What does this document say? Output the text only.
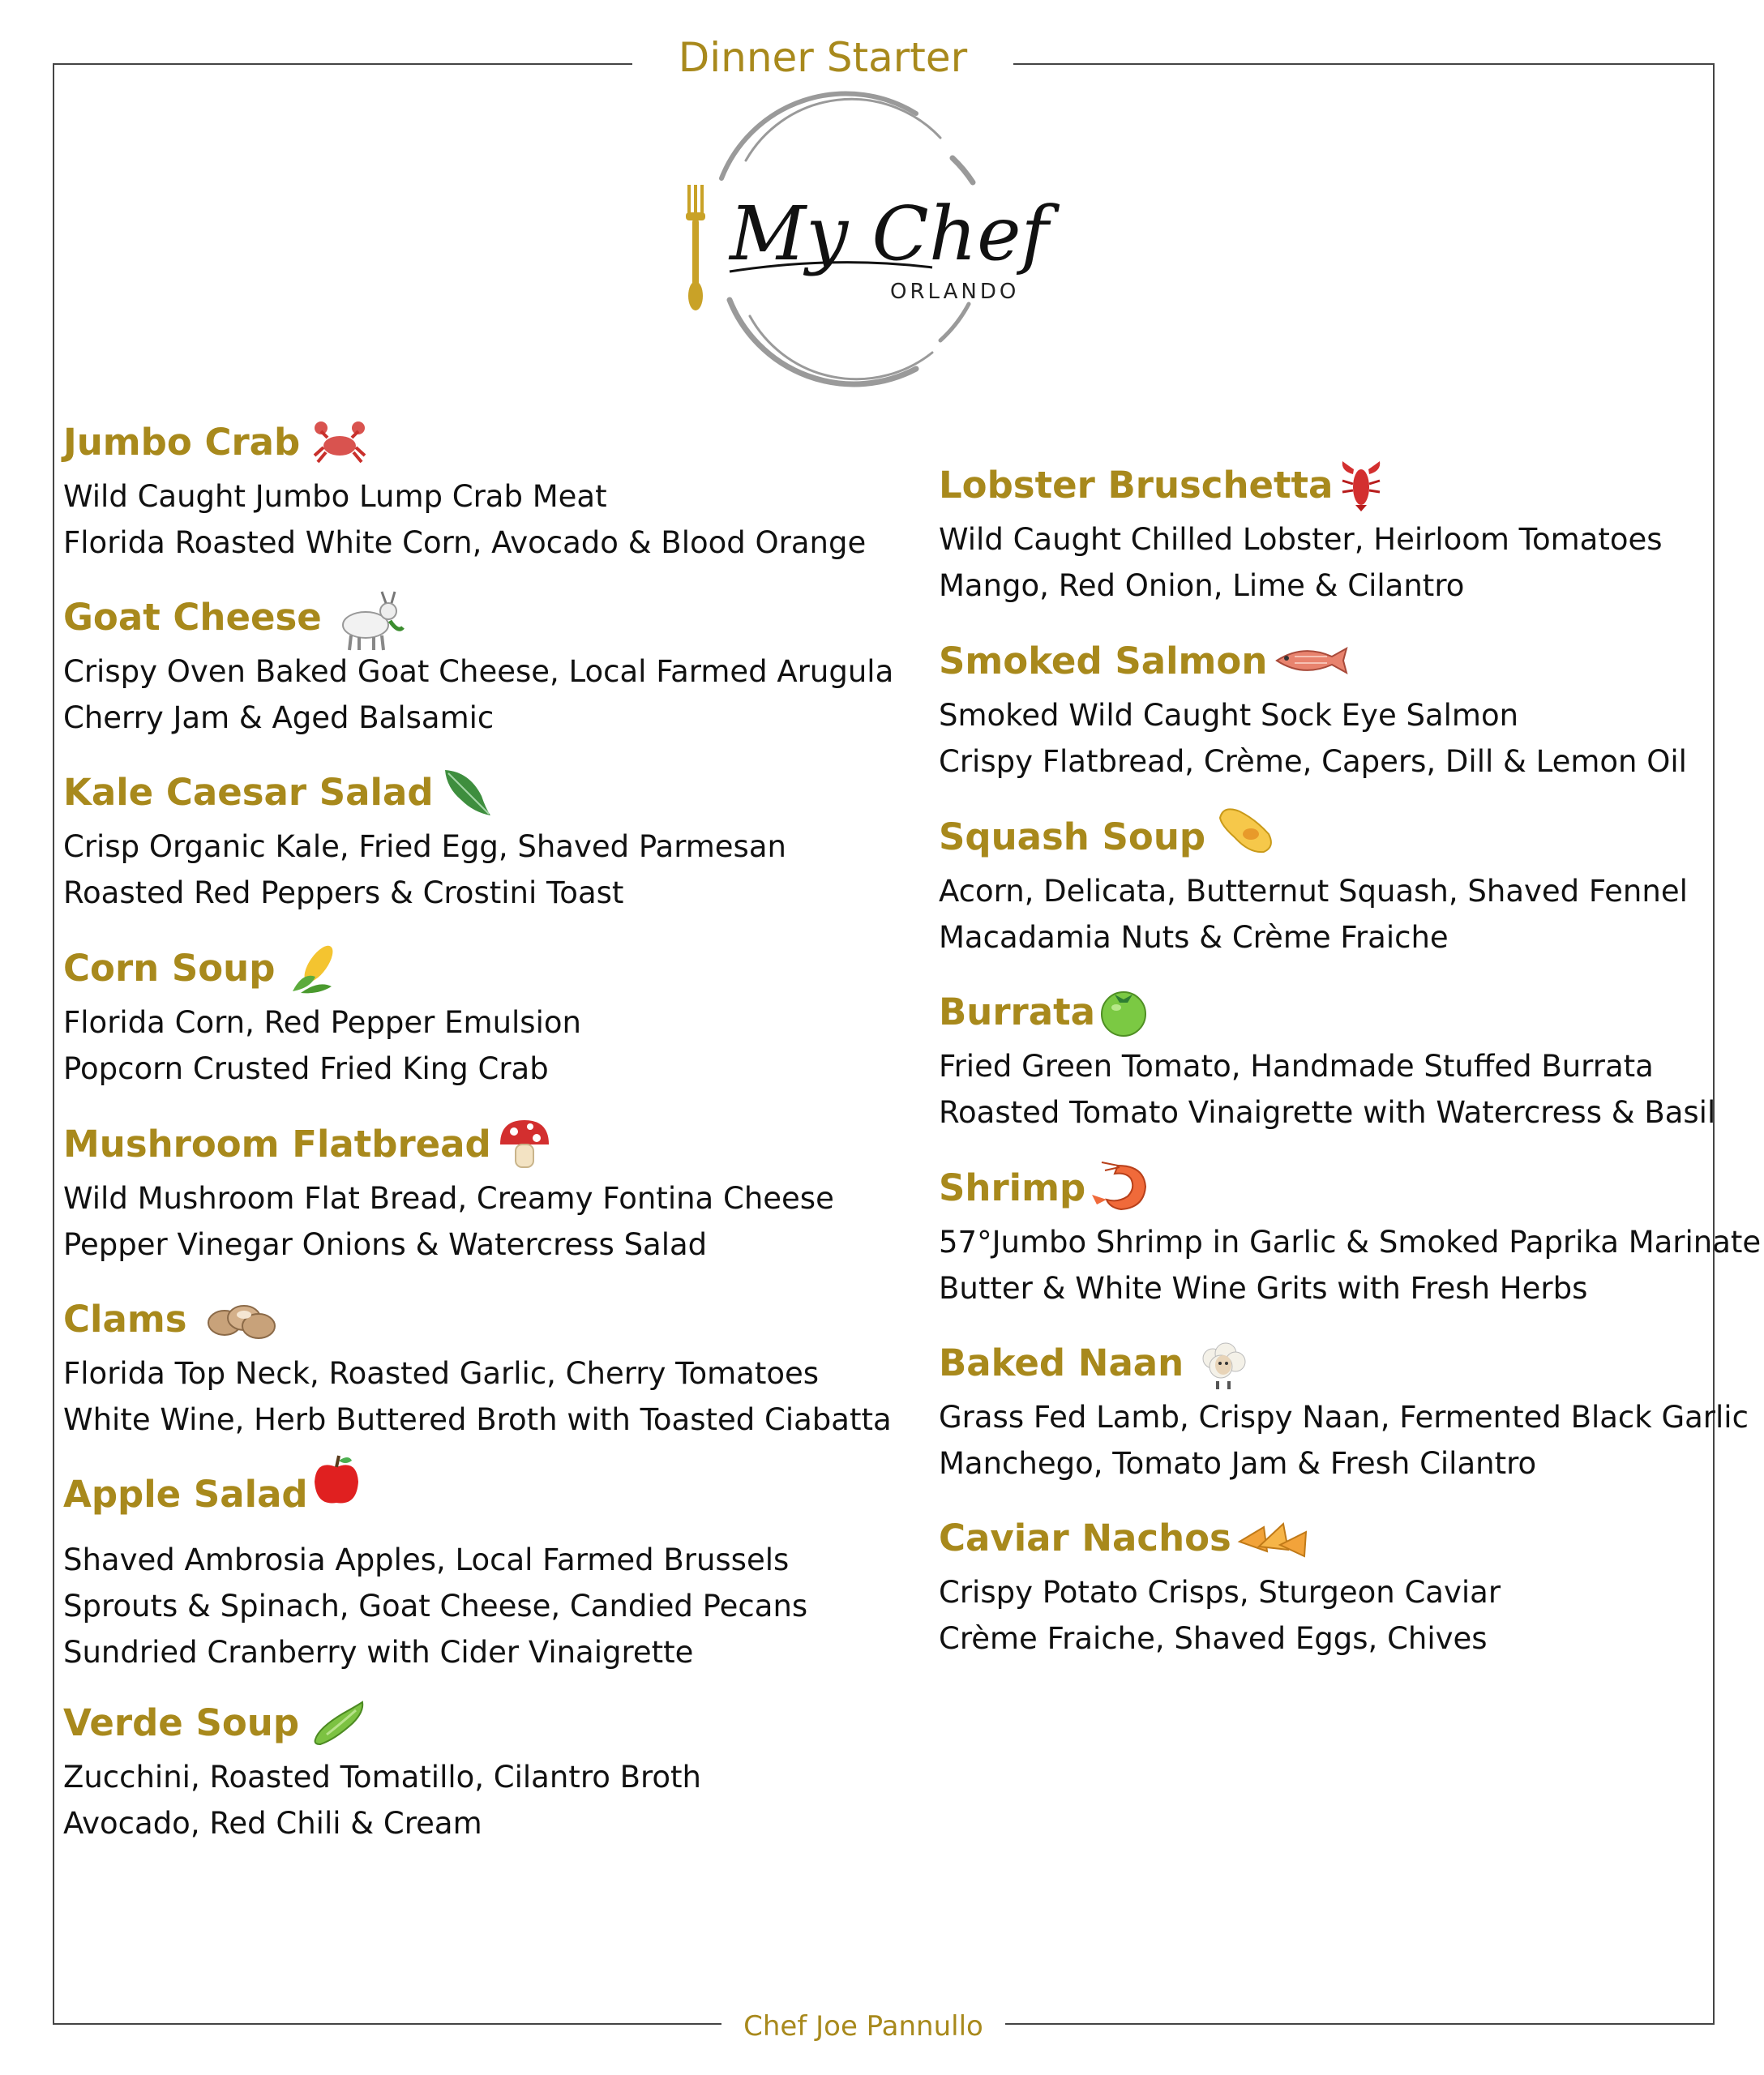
Dinner Starter
My Chef
ORLANDO
Jumbo Crab
Wild Caught Jumbo Lump Crab Meat
Florida Roasted White Corn, Avocado & Blood Orange
Goat Cheese
Crispy Oven Baked Goat Cheese, Local Farmed Arugula
Cherry Jam & Aged Balsamic
Kale Caesar Salad
Crisp Organic Kale, Fried Egg, Shaved Parmesan
Roasted Red Peppers & Crostini Toast
Corn Soup
Florida Corn, Red Pepper Emulsion
Popcorn Crusted Fried King Crab
Mushroom Flatbread
Wild Mushroom Flat Bread, Creamy Fontina Cheese
Pepper Vinegar Onions & Watercress Salad
Clams
Florida Top Neck, Roasted Garlic, Cherry Tomatoes
White Wine, Herb Buttered Broth with Toasted Ciabatta
Apple Salad
Shaved Ambrosia Apples, Local Farmed Brussels
Sprouts & Spinach, Goat Cheese, Candied Pecans
Sundried Cranberry with Cider Vinaigrette
Verde Soup
Zucchini, Roasted Tomatillo, Cilantro Broth
Avocado, Red Chili & Cream
Lobster Bruschetta
Wild Caught Chilled Lobster, Heirloom Tomatoes
Mango, Red Onion, Lime & Cilantro
Smoked Salmon
Smoked Wild Caught Sock Eye Salmon
Crispy Flatbread, Crème, Capers, Dill & Lemon Oil
Squash Soup
Acorn, Delicata, Butternut Squash, Shaved Fennel
Macadamia Nuts & Crème Fraiche
Burrata
Fried Green Tomato, Handmade Stuffed Burrata
Roasted Tomato Vinaigrette with Watercress & Basil
Shrimp
57°Jumbo Shrimp in Garlic & Smoked Paprika Marinate
Butter & White Wine Grits with Fresh Herbs
Baked Naan
Grass Fed Lamb, Crispy Naan, Fermented Black Garlic
Manchego, Tomato Jam & Fresh Cilantro
Caviar Nachos
Crispy Potato Crisps, Sturgeon Caviar
Crème Fraiche, Shaved Eggs, Chives
Chef Joe Pannullo
